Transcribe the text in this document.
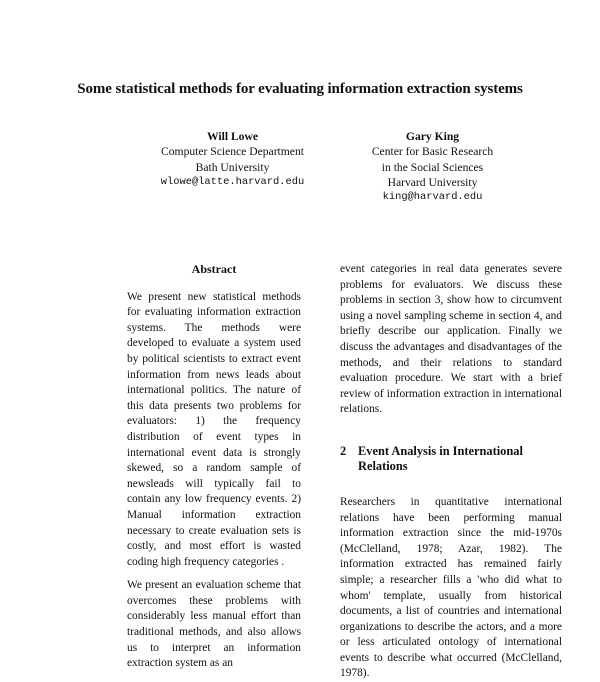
Some statistical methods for evaluating information extraction systems
Will Lowe
Computer Science Department
Bath University
wlowe@latte.harvard.edu
Gary King
Center for Basic Research
in the Social Sciences
Harvard University
king@harvard.edu
Abstract

We present new statistical methods for evaluating information extraction systems. The methods were developed to evaluate a system used by political scientists to extract event information from news leads about international politics. The nature of this data presents two problems for evaluators: 1) the frequency distribution of event types in international event data is strongly skewed, so a random sample of newsleads will typically fail to contain any low frequency events. 2) Manual information extraction necessary to create evaluation sets is costly, and most effort is wasted coding high frequency categories .

We present an evaluation scheme that overcomes these problems with considerably less manual effort than traditional methods, and also allows us to interpret an information extraction system as an

event categories in real data generates severe problems for evaluators. We discuss these problems in section 3, show how to circumvent using a novel sampling scheme in section 4, and briefly describe our application. Finally we discuss the advantages and disadvantages of the methods, and their relations to standard evaluation procedure. We start with a brief review of information extraction in international relations.

2 Event Analysis in International Relations

Researchers in quantitative international relations have been performing manual information extraction since the mid-1970s (McClelland, 1978; Azar, 1982). The information extracted has remained fairly simple; a researcher fills a 'who did what to whom' template, usually from historical documents, a list of countries and international organizations to describe the actors, and a more or less articulated ontology of international events to describe what occurred (McClelland, 1978).
